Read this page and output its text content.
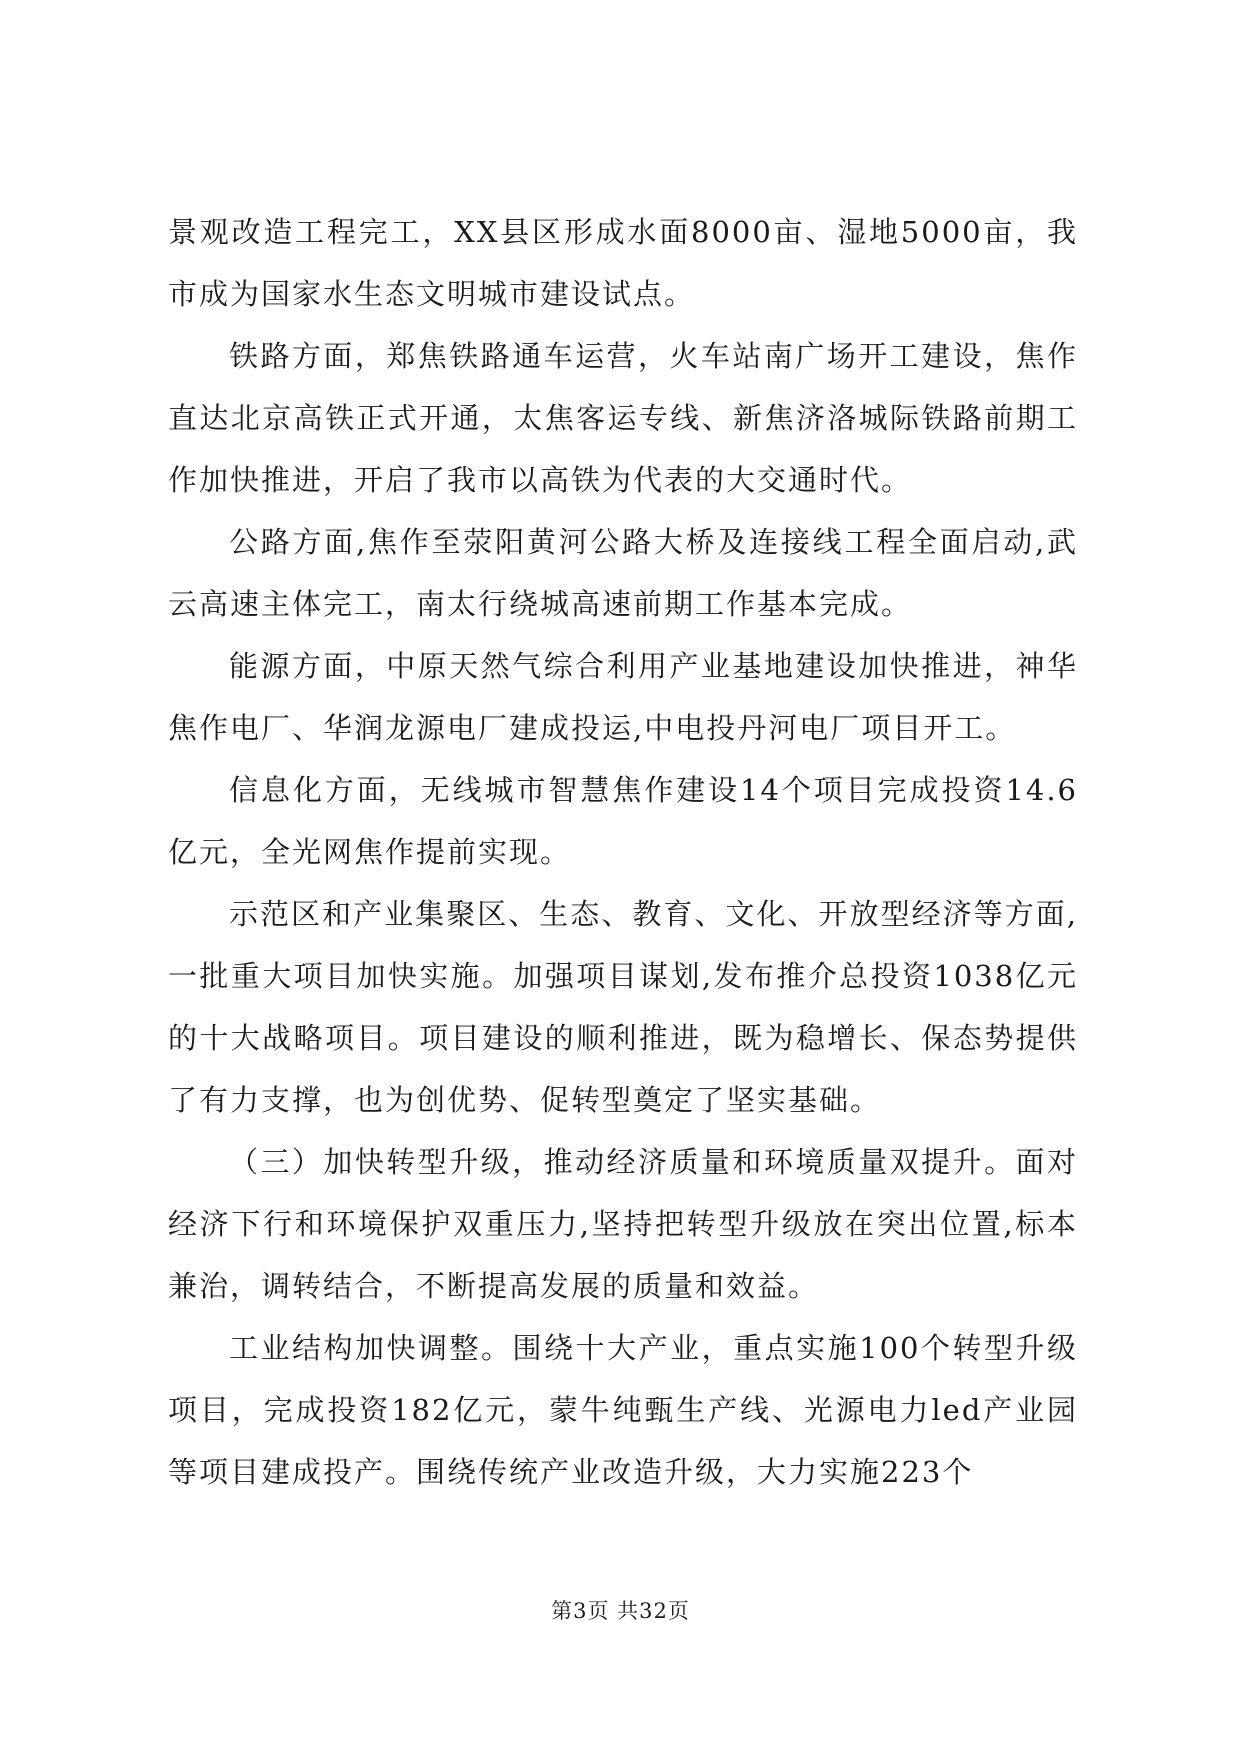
景观改造工程完工，XX县区形成水面8000亩、湿地5000亩，我市成为国家水生态文明城市建设试点。

铁路方面，郑焦铁路通车运营，火车站南广场开工建设，焦作直达北京高铁正式开通，太焦客运专线、新焦济洛城际铁路前期工作加快推进，开启了我市以高铁为代表的大交通时代。

公路方面,焦作至荥阳黄河公路大桥及连接线工程全面启动,武云高速主体完工，南太行绕城高速前期工作基本完成。

能源方面，中原天然气综合利用产业基地建设加快推进，神华焦作电厂、华润龙源电厂建成投运,中电投丹河电厂项目开工。

信息化方面，无线城市智慧焦作建设14个项目完成投资14.6亿元，全光网焦作提前实现。

示范区和产业集聚区、生态、教育、文化、开放型经济等方面,一批重大项目加快实施。加强项目谋划,发布推介总投资1038亿元的十大战略项目。项目建设的顺利推进，既为稳增长、保态势提供了有力支撑，也为创优势、促转型奠定了坚实基础。

（三）加快转型升级，推动经济质量和环境质量双提升。面对经济下行和环境保护双重压力,坚持把转型升级放在突出位置,标本兼治，调转结合，不断提高发展的质量和效益。

工业结构加快调整。围绕十大产业，重点实施100个转型升级项目，完成投资182亿元，蒙牛纯甄生产线、光源电力led产业园等项目建成投产。围绕传统产业改造升级，大力实施223个

第3页 共32页
